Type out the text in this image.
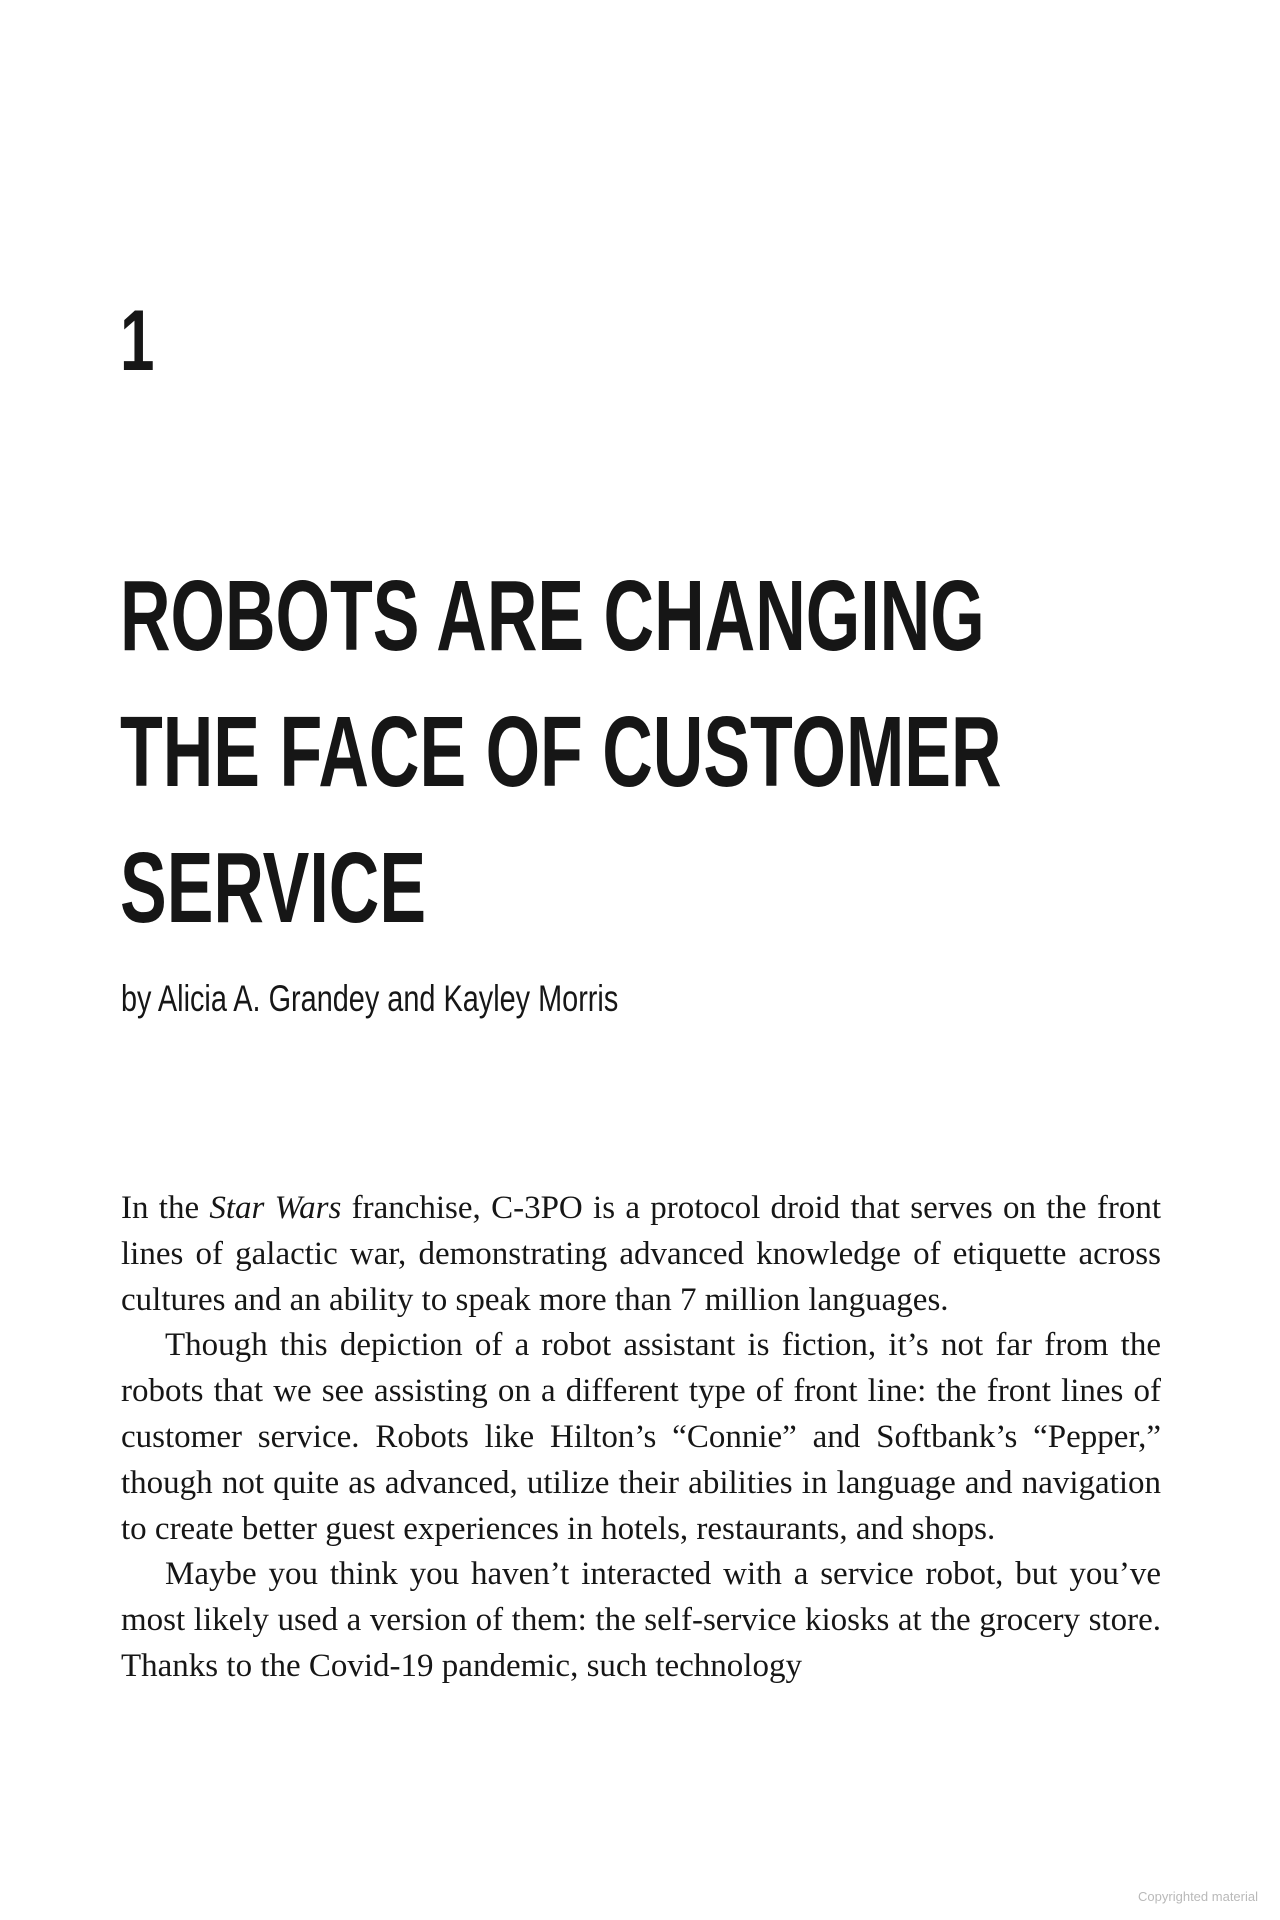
1
ROBOTS ARE CHANGING
THE FACE OF CUSTOMER
SERVICE

by Alicia A. Grandey and Kayley Morris

In the Star Wars franchise, C-3PO is a protocol droid that serves on the front lines of galactic war, demonstrating advanced knowledge of etiquette across cultures and an ability to speak more than 7 million languages.

Though this depiction of a robot assistant is fiction, it’s not far from the robots that we see assisting on a different type of front line: the front lines of customer service. Robots like Hilton’s “Connie” and Softbank’s “Pepper,” though not quite as advanced, utilize their abilities in language and navigation to create better guest experiences in hotels, restaurants, and shops.

Maybe you think you haven’t interacted with a service robot, but you’ve most likely used a version of them: the self-service kiosks at the grocery store. Thanks to the Covid-19 pandemic, such technology

Copyrighted material
